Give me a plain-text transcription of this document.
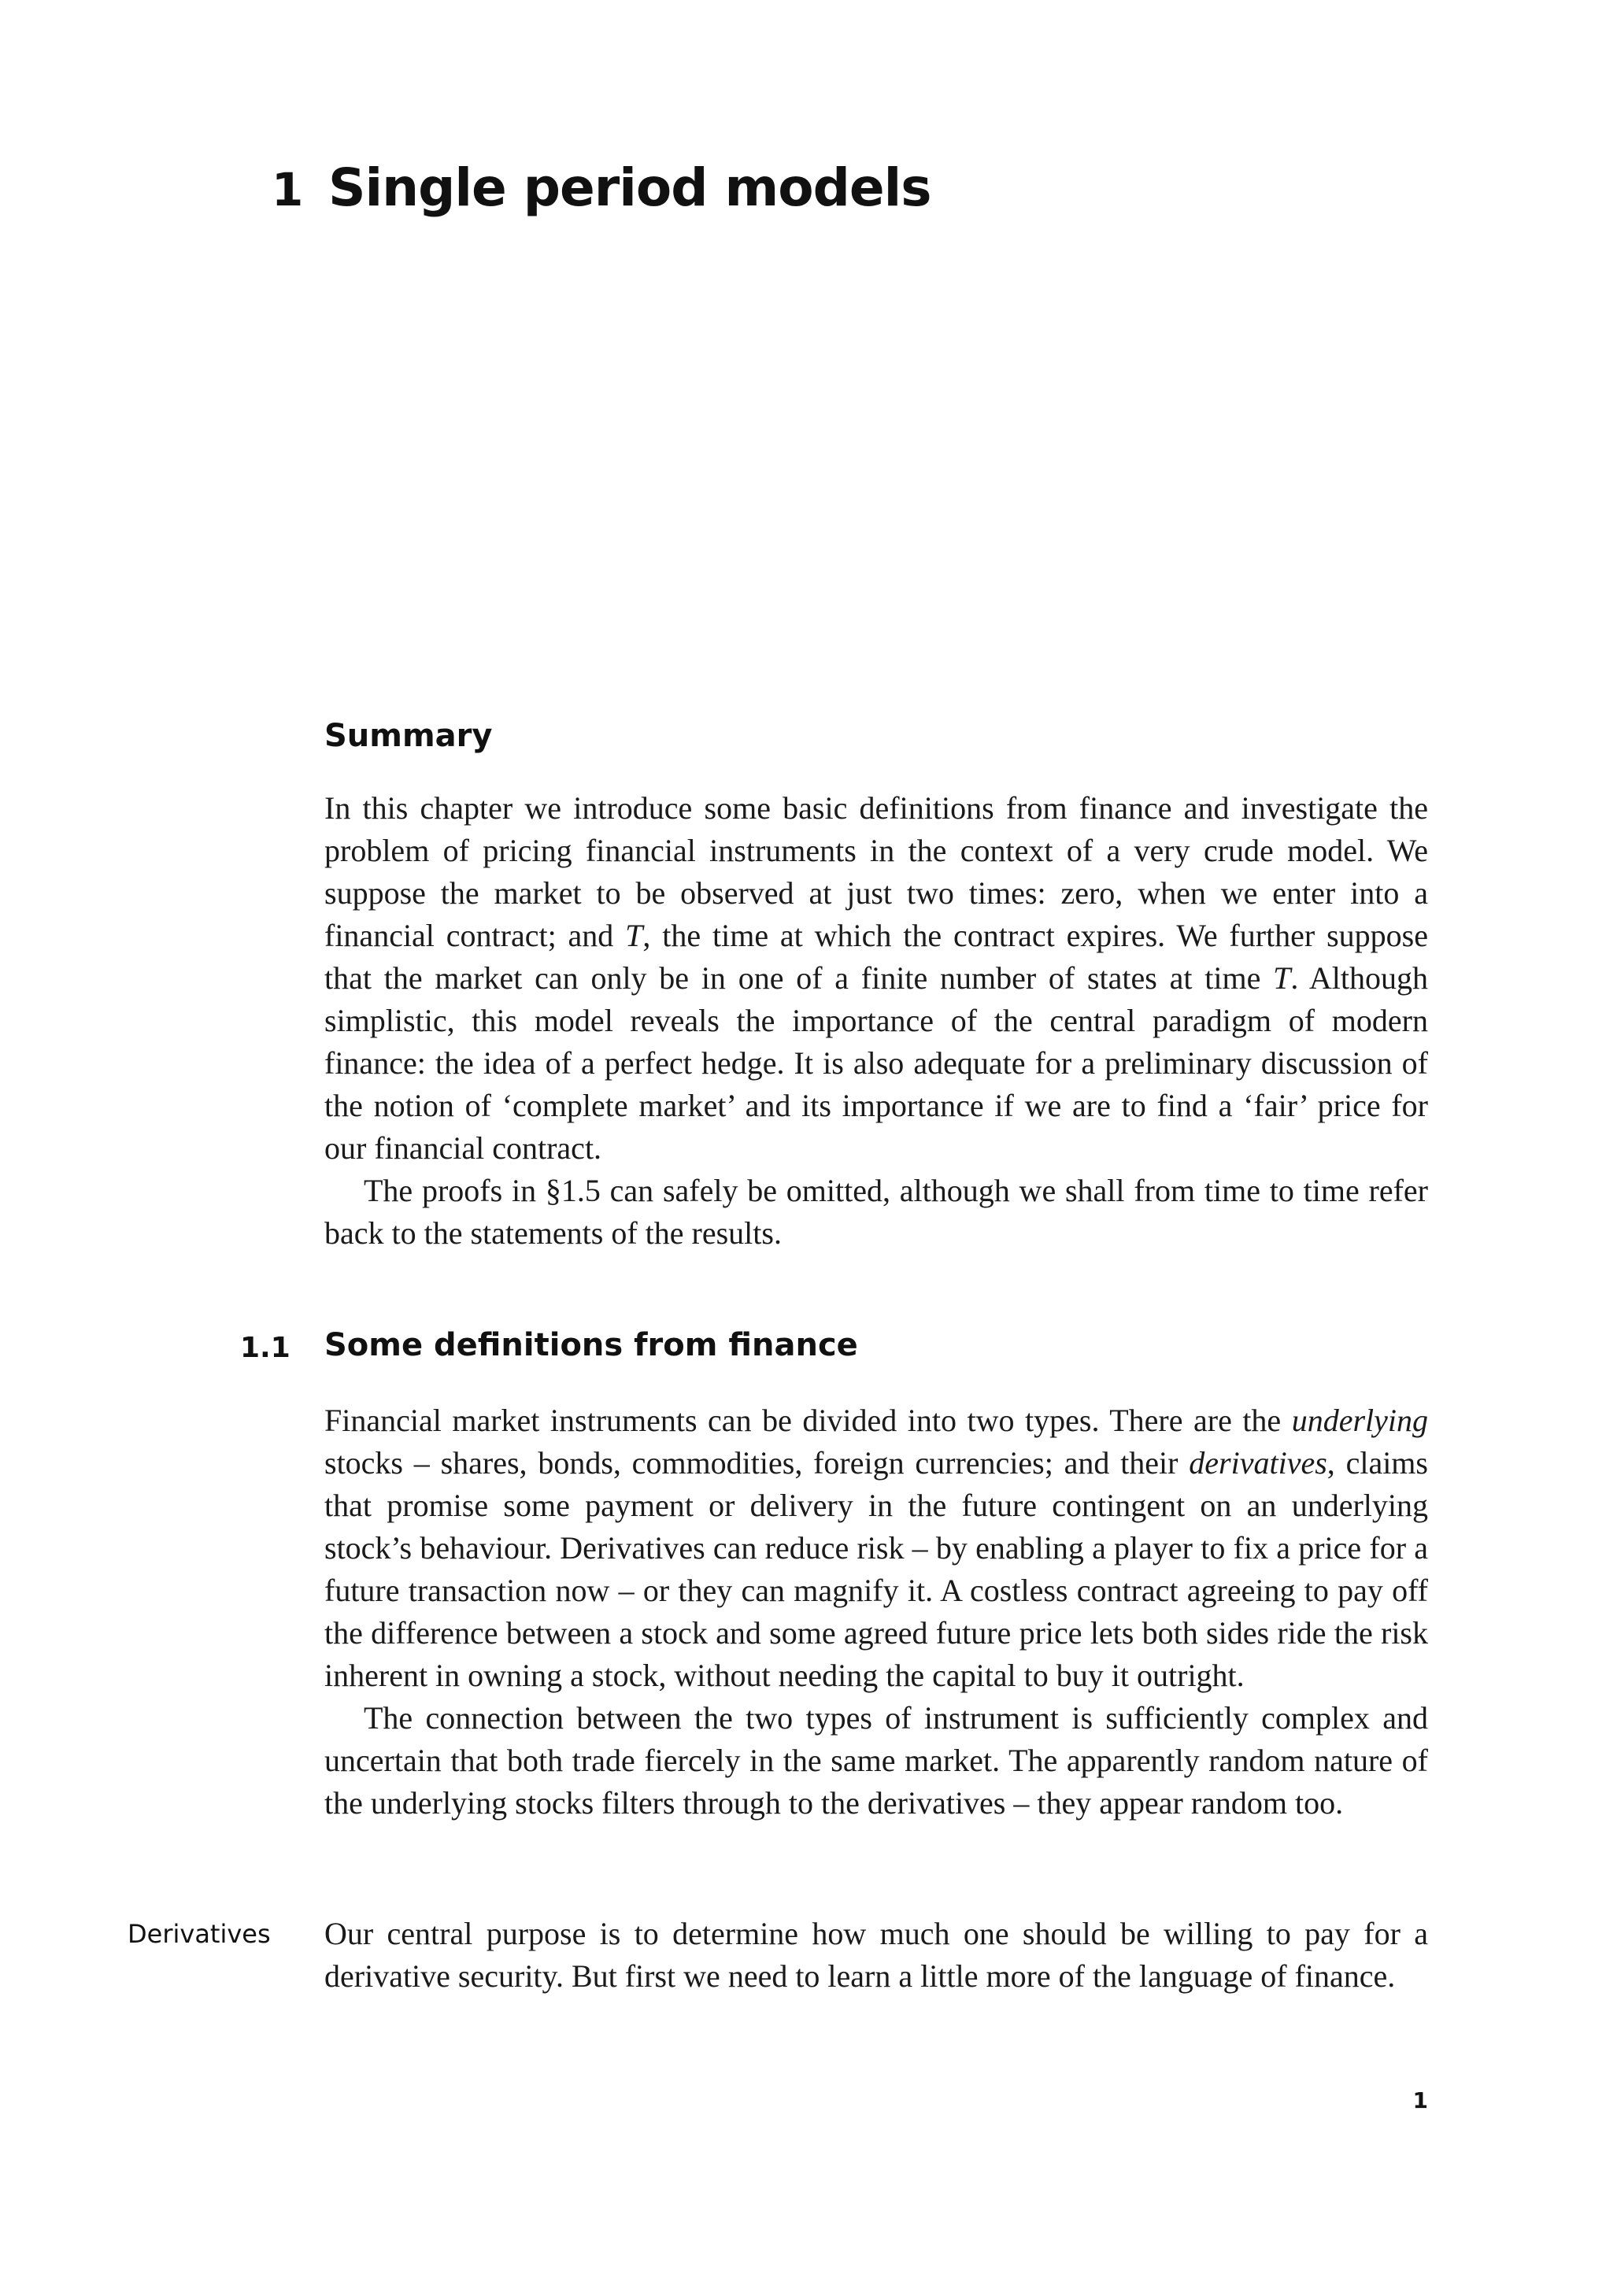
1 Single period models
Summary

In this chapter we introduce some basic definitions from finance and investigate the problem of pricing financial instruments in the context of a very crude model. We suppose the market to be observed at just two times: zero, when we enter into a financial contract; and T, the time at which the contract expires. We further suppose that the market can only be in one of a finite number of states at time T. Although simplistic, this model reveals the importance of the central paradigm of modern finance: the idea of a perfect hedge. It is also adequate for a preliminary discussion of the notion of ‘complete market’ and its importance if we are to find a ‘fair’ price for our financial contract.

The proofs in §1.5 can safely be omitted, although we shall from time to time refer back to the statements of the results.

1.1 Some definitions from finance

Financial market instruments can be divided into two types. There are the underlying stocks – shares, bonds, commodities, foreign currencies; and their derivatives, claims that promise some payment or delivery in the future contingent on an underlying stock’s behaviour. Derivatives can reduce risk – by enabling a player to fix a price for a future transaction now – or they can magnify it. A costless contract agreeing to pay off the difference between a stock and some agreed future price lets both sides ride the risk inherent in owning a stock, without needing the capital to buy it outright.

The connection between the two types of instrument is sufficiently complex and uncertain that both trade fiercely in the same market. The apparently random nature of the underlying stocks filters through to the derivatives – they appear random too.

Derivatives Our central purpose is to determine how much one should be willing to pay for a derivative security. But first we need to learn a little more of the language of finance.

1
